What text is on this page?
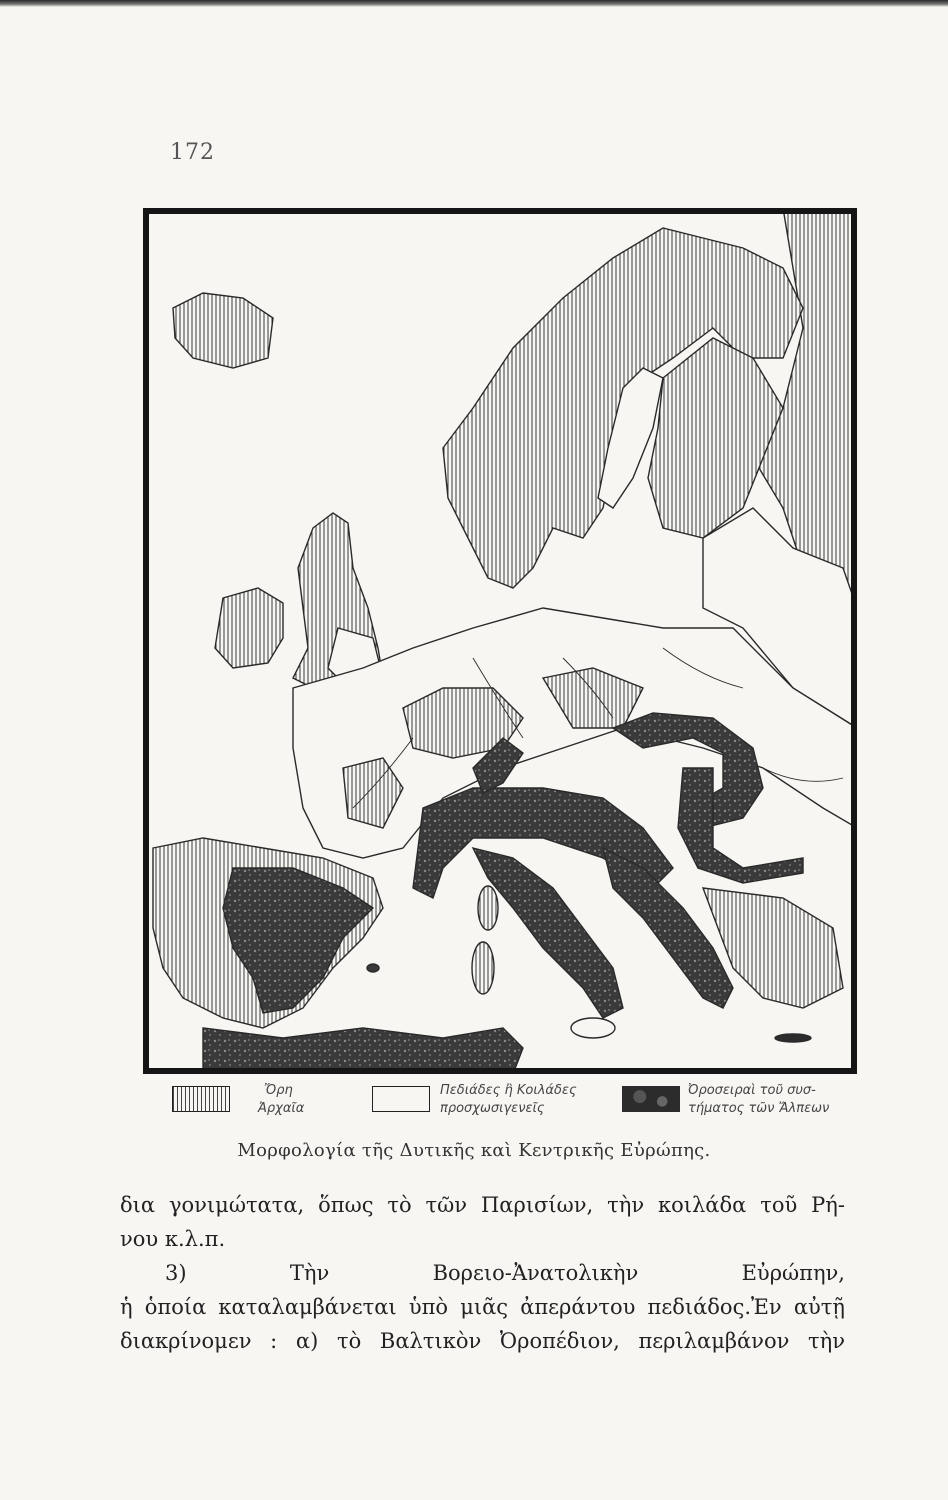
172
Ὄρη
Ἀρχαῖα
Πεδιάδες ἢ Κοιλάδες
προσχωσιγενεῖς
Ὀροσειραὶ τοῦ συσ-
τήματος τῶν Ἄλπεων
Μορφολογία τῆς Δυτικῆς καὶ Κεντρικῆς Εὐρώπης.
δια γονιμώτατα, ὅπως τὸ τῶν Παρισίων, τὴν κοιλάδα τοῦ Ρή-
νου κ.λ.π.
3) Τὴν Βορειο-Ἀνατολικὴν Εὐρώπην,
ἡ ὁποία καταλαμβάνεται ὑπὸ μιᾶς ἀπεράντου πεδιάδος.Ἐν αὐτῇ
διακρίνομεν : α) τὸ Βαλτικὸν Ὀροπέδιον, περιλαμβάνον τὴν
